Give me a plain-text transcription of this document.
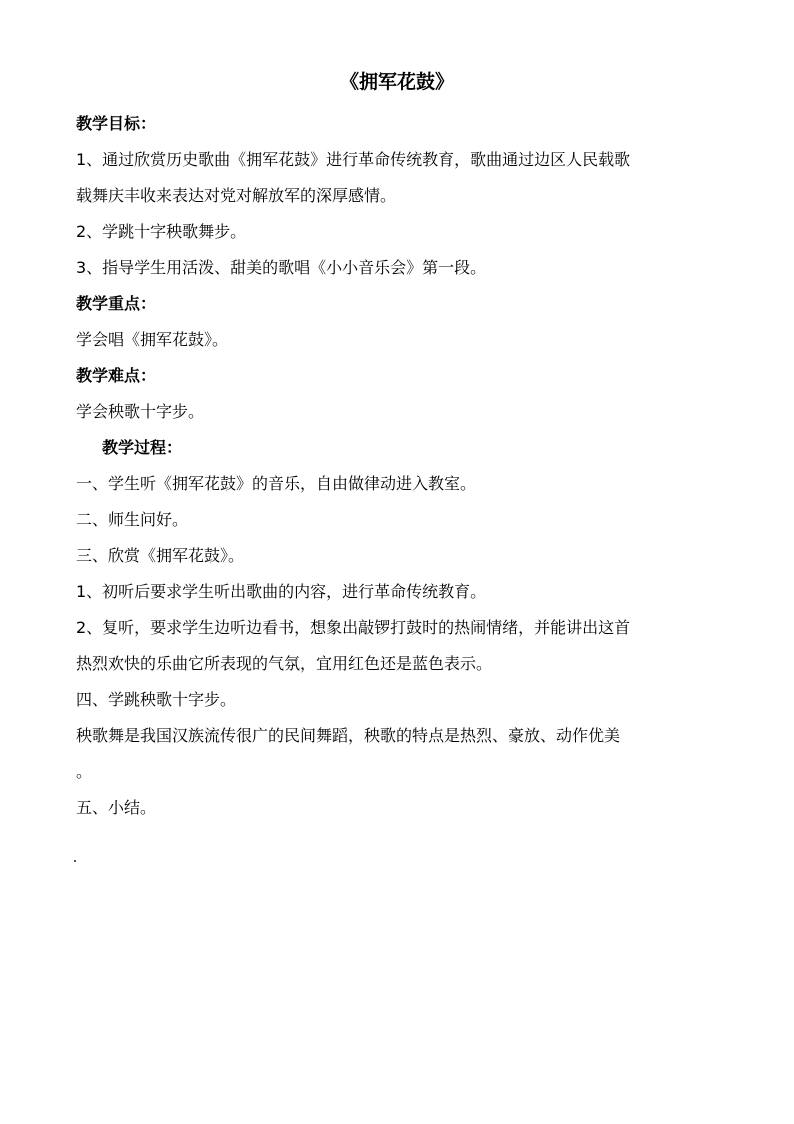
《拥军花鼓》
教学目标：
1、通过欣赏历史歌曲《拥军花鼓》进行革命传统教育，歌曲通过边区人民载歌
载舞庆丰收来表达对党对解放军的深厚感情。
2、学跳十字秧歌舞步。
3、指导学生用活泼、甜美的歌唱《小小音乐会》第一段。
教学重点：
学会唱《拥军花鼓》。
教学难点：
学会秧歌十字步。
教学过程：
一、学生听《拥军花鼓》的音乐，自由做律动进入教室。
二、师生问好。
三、欣赏《拥军花鼓》。
1、初听后要求学生听出歌曲的内容，进行革命传统教育。
2、复听，要求学生边听边看书，想象出敲锣打鼓时的热闹情绪，并能讲出这首
热烈欢快的乐曲它所表现的气氛，宜用红色还是蓝色表示。
四、学跳秧歌十字步。
秧歌舞是我国汉族流传很广的民间舞蹈，秧歌的特点是热烈、豪放、动作优美
。
五、小结。
